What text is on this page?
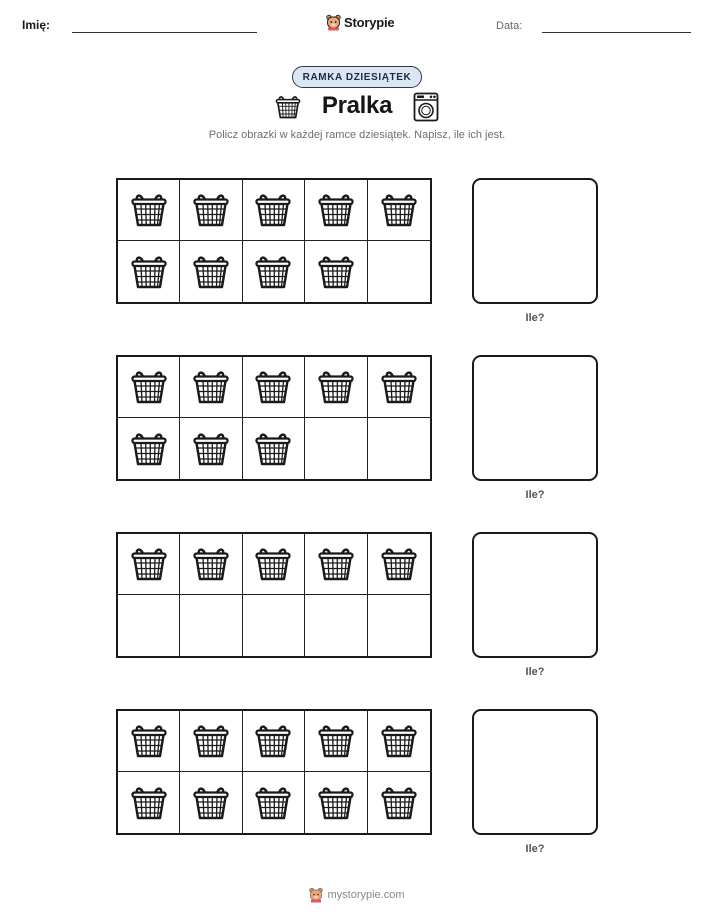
Imię:	Storypie	Data:
RAMKA DZIESIĄTEK
Pralka
Policz obrazki w każdej ramce dziesiątek. Napisz, ile ich jest.
Ile?
Ile?
Ile?
Ile?
mystorypie.com
